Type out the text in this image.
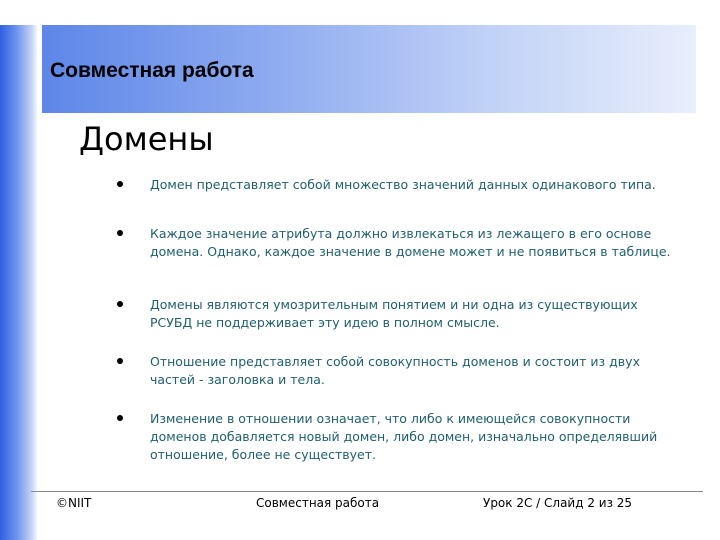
Совместная работа
Домены
Домен представляет собой множество значений данных одинакового типа.
Каждое значение атрибута должно извлекаться из лежащего в его основе домена. Однако, каждое значение в домене может и не появиться в таблице.
Домены являются умозрительным понятием и ни одна из существующих РСУБД не поддерживает эту идею в полном смысле.
Отношение представляет собой совокупность доменов и состоит из двух частей - заголовка и тела.
Изменение в отношении означает, что либо к имеющейся совокупности доменов добавляется новый домен, либо домен, изначально определявший отношение, более не существует.
©NIIT	Совместная работа	Урок 2C / Слайд 2 из 25
